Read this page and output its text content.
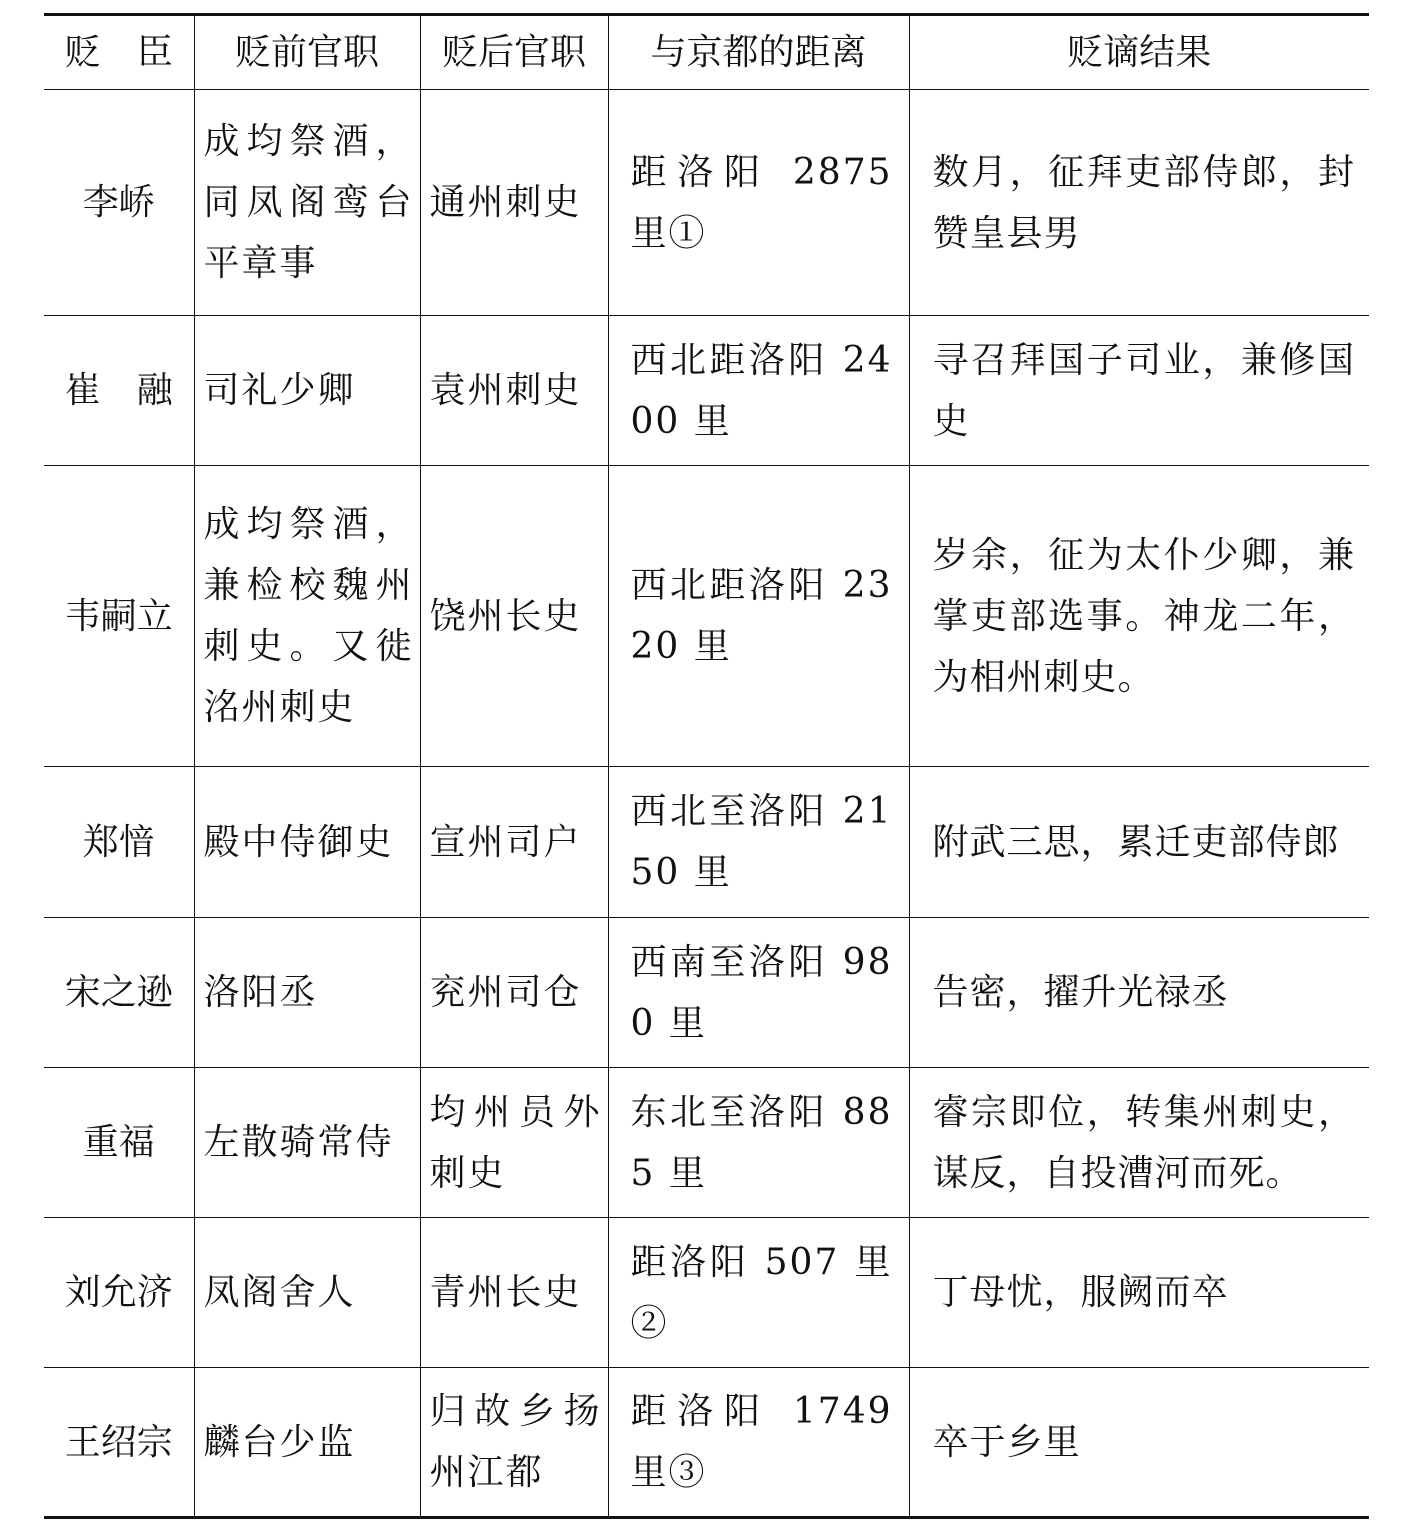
贬　臣	贬前官职	贬后官职	与京都的距离	贬谪结果
李峤	成均祭酒，同凤阁鸾台平章事	通州刺史	距洛阳 2875 里①	数月，征拜吏部侍郎，封赞皇县男
崔　融	司礼少卿	袁州刺史	西北距洛阳 2400 里	寻召拜国子司业，兼修国史
韦嗣立	成均祭酒，兼检校魏州刺史。又徙洺州刺史	饶州长史	西北距洛阳 2320 里	岁余，征为太仆少卿，兼掌吏部选事。神龙二年，为相州刺史。
郑愔	殿中侍御史	宣州司户	西北至洛阳 2150 里	附武三思，累迁吏部侍郎
宋之逊	洛阳丞	兖州司仓	西南至洛阳 980 里	告密，擢升光禄丞
重福	左散骑常侍	均州员外刺史	东北至洛阳 885 里	睿宗即位，转集州刺史，谋反，自投漕河而死。
刘允济	凤阁舍人	青州长史	距洛阳 507 里②	丁母忧，服阙而卒
王绍宗	麟台少监	归故乡扬州江都	距洛阳 1749 里③	卒于乡里
